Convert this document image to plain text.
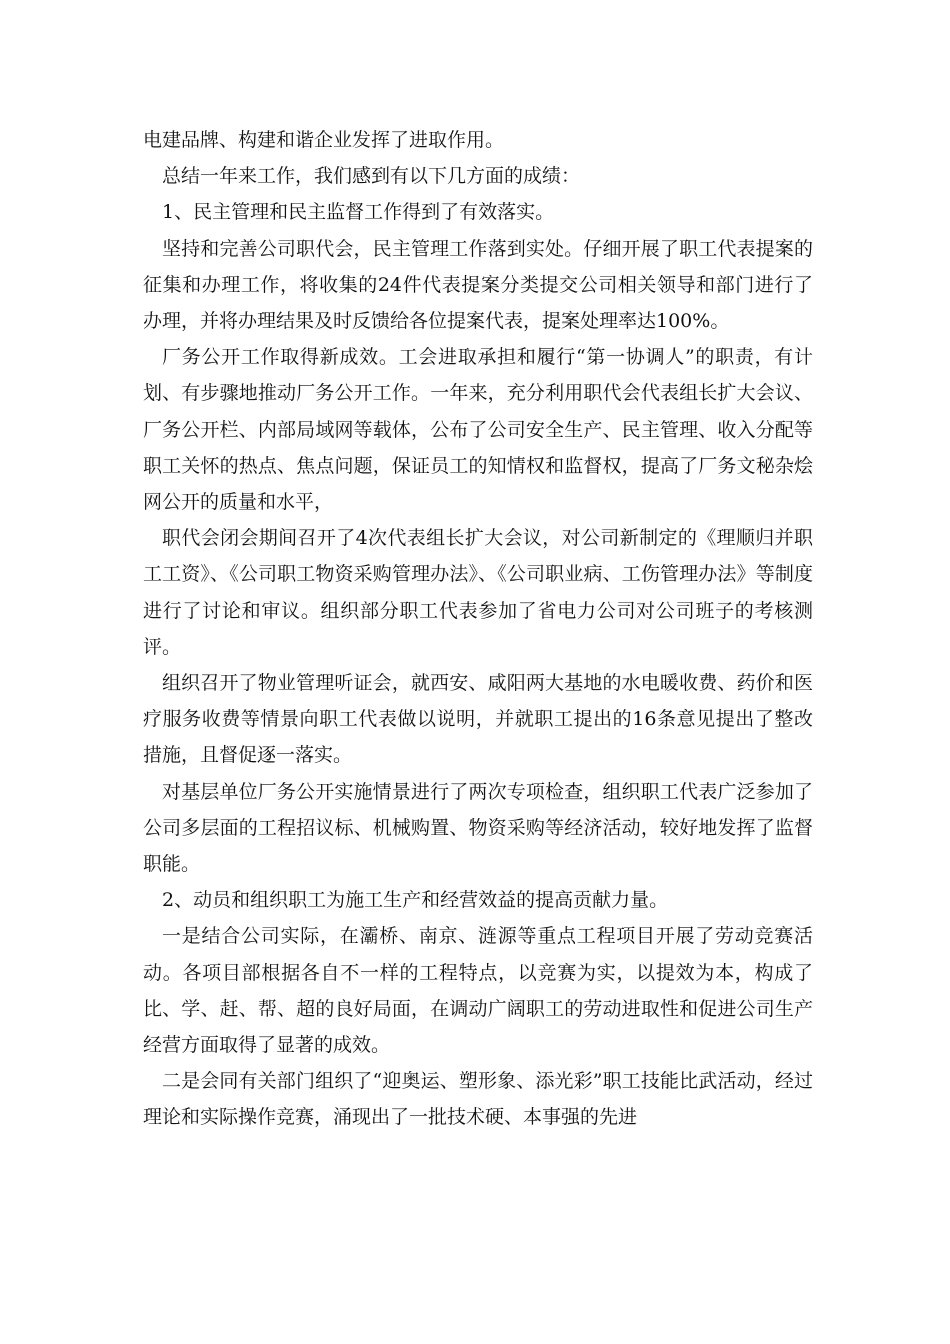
电建品牌、构建和谐企业发挥了进取作用。

总结一年来工作，我们感到有以下几方面的成绩：

1、民主管理和民主监督工作得到了有效落实。

坚持和完善公司职代会，民主管理工作落到实处。仔细开展了职工代表提案的征集和办理工作，将收集的24件代表提案分类提交公司相关领导和部门进行了办理，并将办理结果及时反馈给各位提案代表，提案处理率达100%。

厂务公开工作取得新成效。工会进取承担和履行“第一协调人”的职责，有计划、有步骤地推动厂务公开工作。一年来，充分利用职代会代表组长扩大会议、厂务公开栏、内部局域网等载体，公布了公司安全生产、民主管理、收入分配等职工关怀的热点、焦点问题，保证员工的知情权和监督权，提高了厂务文秘杂烩网公开的质量和水平，

职代会闭会期间召开了4次代表组长扩大会议，对公司新制定的《理顺归并职工工资》、《公司职工物资采购管理办法》、《公司职业病、工伤管理办法》等制度进行了讨论和审议。组织部分职工代表参加了省电力公司对公司班子的考核测评。

组织召开了物业管理听证会，就西安、咸阳两大基地的水电暖收费、药价和医疗服务收费等情景向职工代表做以说明，并就职工提出的16条意见提出了整改措施，且督促逐一落实。

对基层单位厂务公开实施情景进行了两次专项检查，组织职工代表广泛参加了公司多层面的工程招议标、机械购置、物资采购等经济活动，较好地发挥了监督职能。

2、动员和组织职工为施工生产和经营效益的提高贡献力量。

一是结合公司实际，在灞桥、南京、涟源等重点工程项目开展了劳动竞赛活动。各项目部根据各自不一样的工程特点，以竞赛为实，以提效为本，构成了比、学、赶、帮、超的良好局面，在调动广阔职工的劳动进取性和促进公司生产经营方面取得了显著的成效。

二是会同有关部门组织了“迎奥运、塑形象、添光彩”职工技能比武活动，经过理论和实际操作竞赛，涌现出了一批技术硬、本事强的先进
